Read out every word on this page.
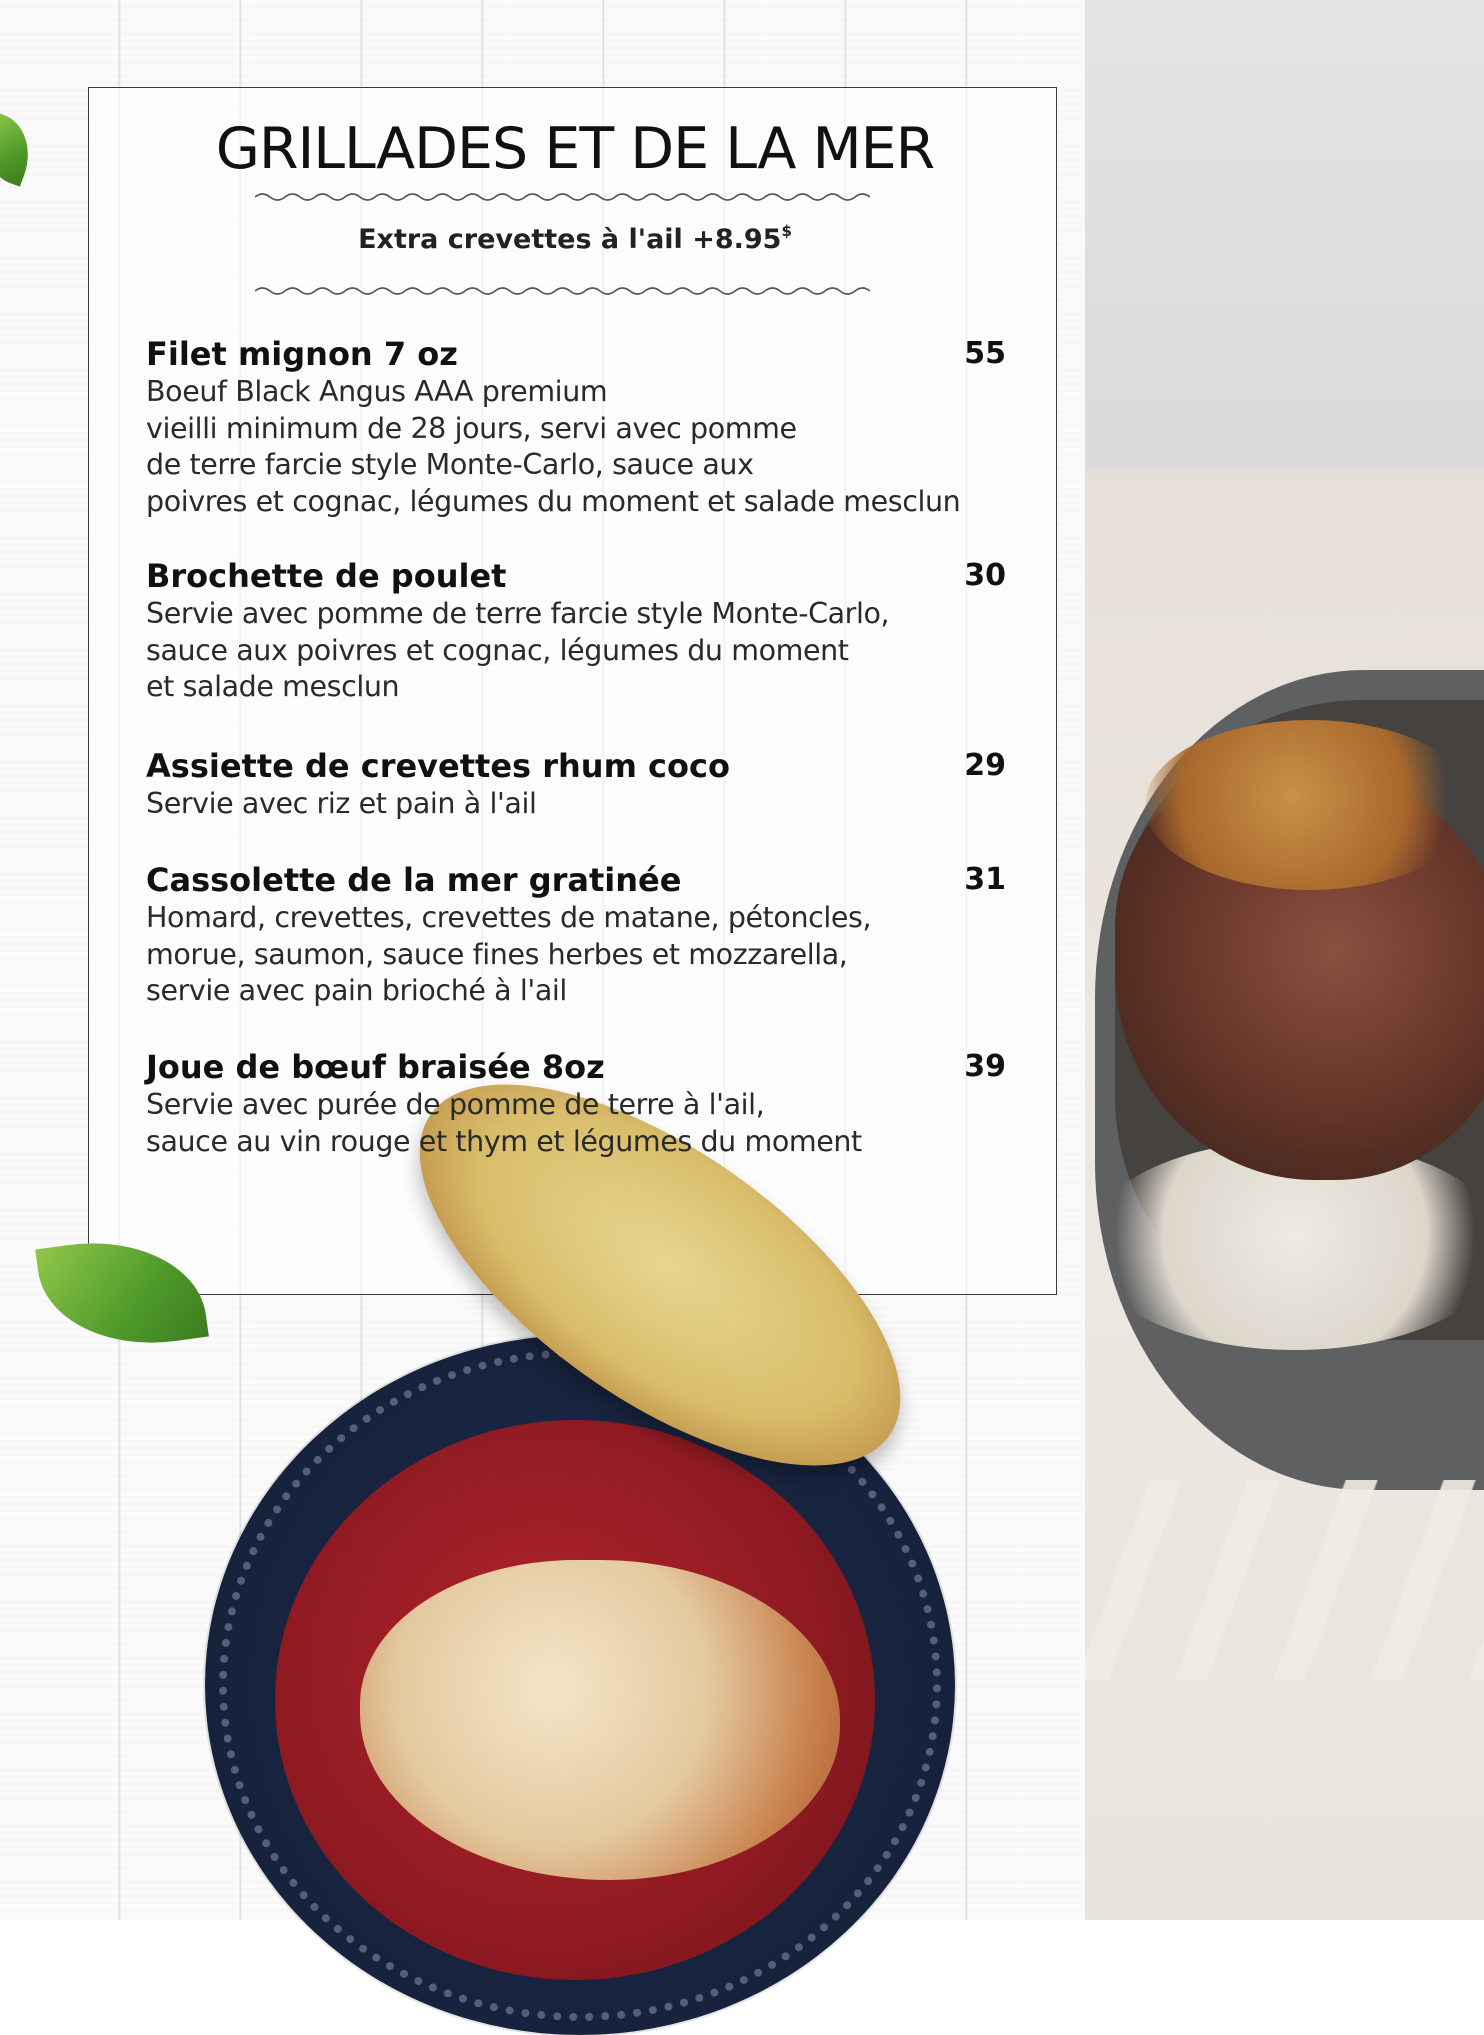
GRILLADES ET DE LA MER
Extra crevettes à l'ail +8.95$
Filet mignon 7 oz	55
Boeuf Black Angus AAA premium
vieilli minimum de 28 jours, servi avec pomme
de terre farcie style Monte-Carlo, sauce aux
poivres et cognac, légumes du moment et salade mesclun
Brochette de poulet	30
Servie avec pomme de terre farcie style Monte-Carlo,
sauce aux poivres et cognac, légumes du moment
et salade mesclun
Assiette de crevettes rhum coco	29
Servie avec riz et pain à l'ail
Cassolette de la mer gratinée	31
Homard, crevettes, crevettes de matane, pétoncles,
morue, saumon, sauce fines herbes et mozzarella,
servie avec pain brioché à l'ail
Joue de bœuf braisée 8oz	39
Servie avec purée de pomme de terre à l'ail,
sauce au vin rouge et thym et légumes du moment
